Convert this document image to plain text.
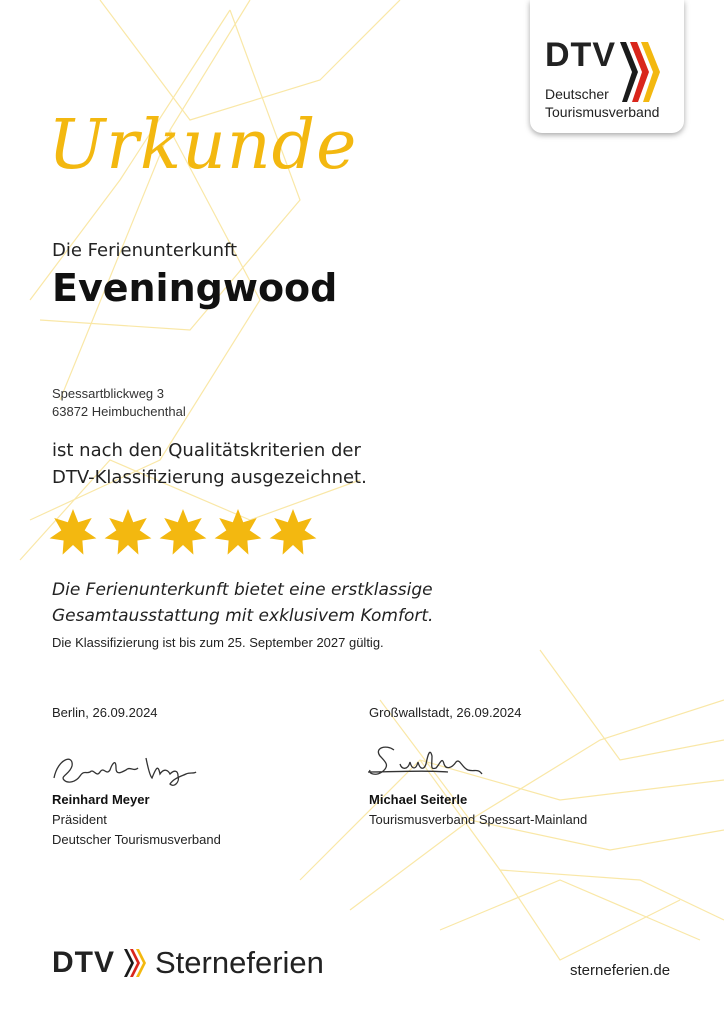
DTV
Deutscher
Tourismusverband
Urkunde
Die Ferienunterkunft
Eveningwood
Spessartblickweg 3
63872 Heimbuchenthal
ist nach den Qualitätskriterien der
DTV-Klassifizierung ausgezeichnet.
Die Ferienunterkunft bietet eine erstklassige
Gesamtausstattung mit exklusivem Komfort.
Die Klassifizierung ist bis zum 25. September 2027 gültig.
Berlin, 26.09.2024
Reinhard Meyer
Präsident
Deutscher Tourismusverband
Großwallstadt, 26.09.2024
Michael Seiterle
Tourismusverband Spessart-Mainland
DTV Sterneferien	sterneferien.de
